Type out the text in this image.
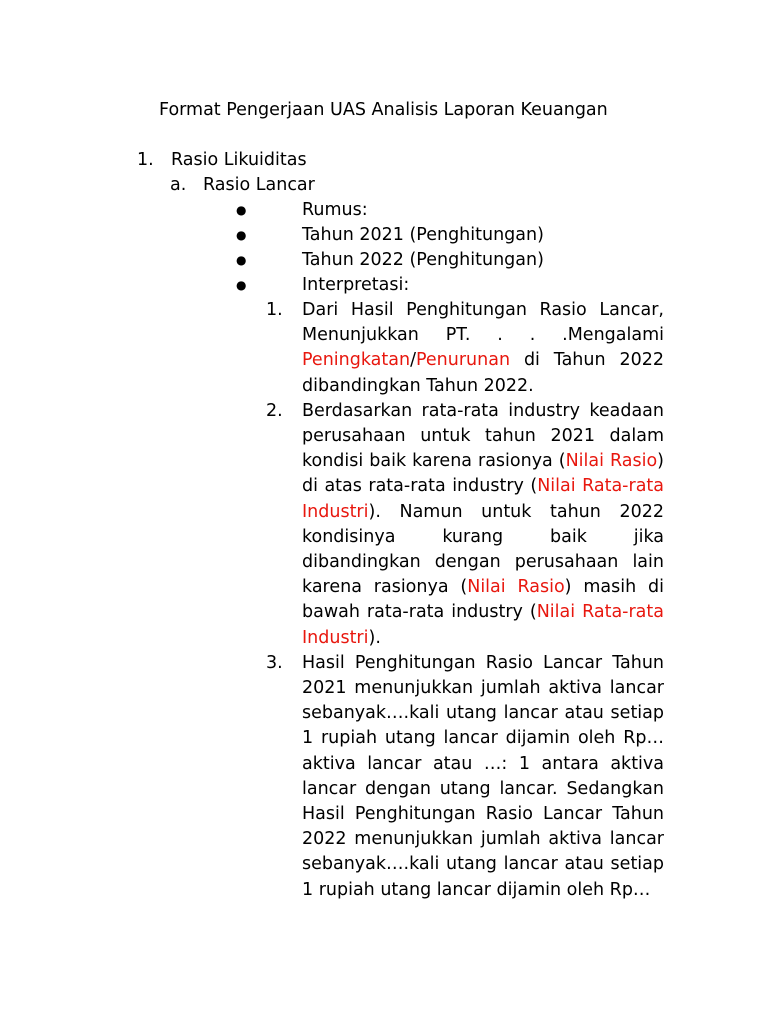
Format Pengerjaan UAS Analisis Laporan Keuangan
1. Rasio Likuiditas
a. Rasio Lancar
●	Rumus:
●	Tahun 2021 (Penghitungan)
●	Tahun 2022 (Penghitungan)
●	Interpretasi:
1. Dari Hasil Penghitungan Rasio Lancar, Menunjukkan PT. . . .Mengalami Peningkatan/Penurunan di Tahun 2022 dibandingkan Tahun 2022.
2. Berdasarkan rata-rata industry keadaan perusahaan untuk tahun 2021 dalam kondisi baik karena rasionya (Nilai Rasio) di atas rata-rata industry (Nilai Rata-rata Industri). Namun untuk tahun 2022 kondisinya kurang baik jika dibandingkan dengan perusahaan lain karena rasionya (Nilai Rasio) masih di bawah rata-rata industry (Nilai Rata-rata Industri).
3. Hasil Penghitungan Rasio Lancar Tahun 2021 menunjukkan jumlah aktiva lancar sebanyak….kali utang lancar atau setiap 1 rupiah utang lancar dijamin oleh Rp… aktiva lancar atau …: 1 antara aktiva lancar dengan utang lancar. Sedangkan Hasil Penghitungan Rasio Lancar Tahun 2022 menunjukkan jumlah aktiva lancar sebanyak….kali utang lancar atau setiap 1 rupiah utang lancar dijamin oleh Rp…
